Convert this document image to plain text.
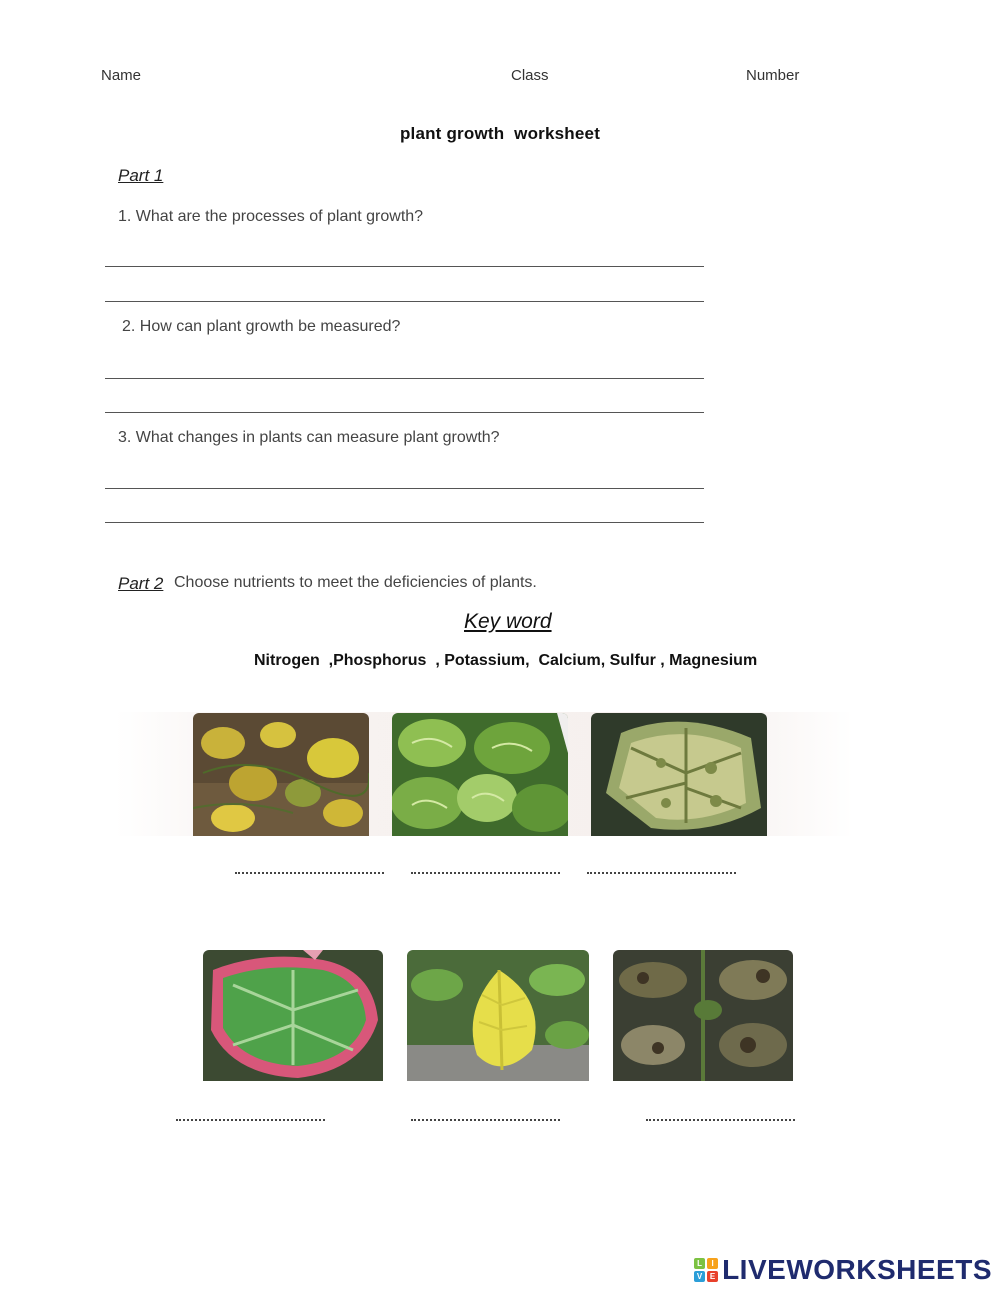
Name	Class	Number
plant growth  worksheet
Part 1
1. What are the processes of plant growth?
2. How can plant growth be measured?
3. What changes in plants can measure plant growth?
Part 2 Choose nutrients to meet the deficiencies of plants.
Key word
Nitrogen  ,Phosphorus  , Potassium,  Calcium, Sulfur , Magnesium
L	I
V E LIVEWORKSHEETS
